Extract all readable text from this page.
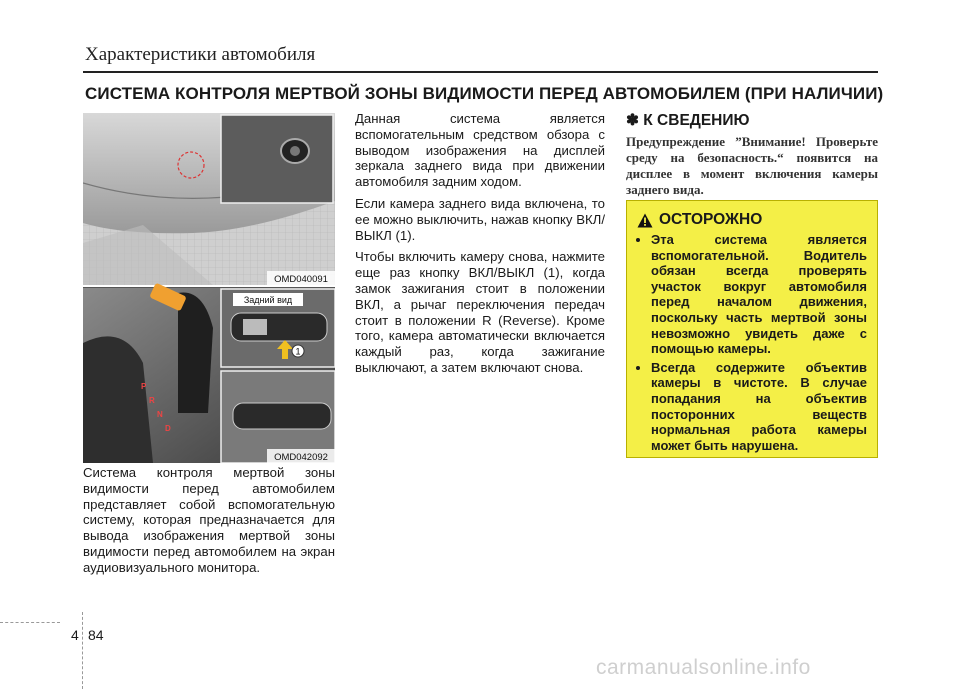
Характеристики автомобиля
СИСТЕМА КОНТРОЛЯ МЕРТВОЙ ЗОНЫ ВИДИМОСТИ ПЕРЕД АВТОМОБИЛЕМ (ПРИ НАЛИЧИИ)
OMD040091
P
R
N
D
Задний вид
1
OMD042092

Система контроля мертвой зоны видимости перед автомобилем представляет собой вспомогательную систему, которая предназначается для вывода изображения мертвой зоны видимости перед автомобилем на экран аудиовизуального монитора.

Данная система является вспомогательным средством обзора с выводом изображения на дисплей зеркала заднего вида при движении автомобиля задним ходом.

Если камера заднего вида включена, то ее можно выключить, нажав кнопку ВКЛ/ВЫКЛ (1).

Чтобы включить камеру снова, нажмите еще раз кнопку ВКЛ/ВЫКЛ (1), когда замок зажигания стоит в положении ВКЛ, а рычаг переключения передач стоит в положении R (Reverse). Кроме того, камера автоматически включается каждый раз, когда зажигание выключают, а затем включают снова.

✽ К СВЕДЕНИЮ

Предупреждение ”Внимание! Проверьте среду на безопасность.“ появится на дисплее в момент включения камеры заднего вида.

ОСТОРОЖНО
• Эта система является вспомогательной. Водитель обязан всегда проверять участок вокруг автомобиля перед началом движения, поскольку часть мертвой зоны невозможно увидеть даже с помощью камеры.
• Всегда содержите объектив камеры в чистоте. В случае попадания на объектив посторонних веществ нормальная работа камеры может быть нарушена.
4 84
carmanualsonline.info
